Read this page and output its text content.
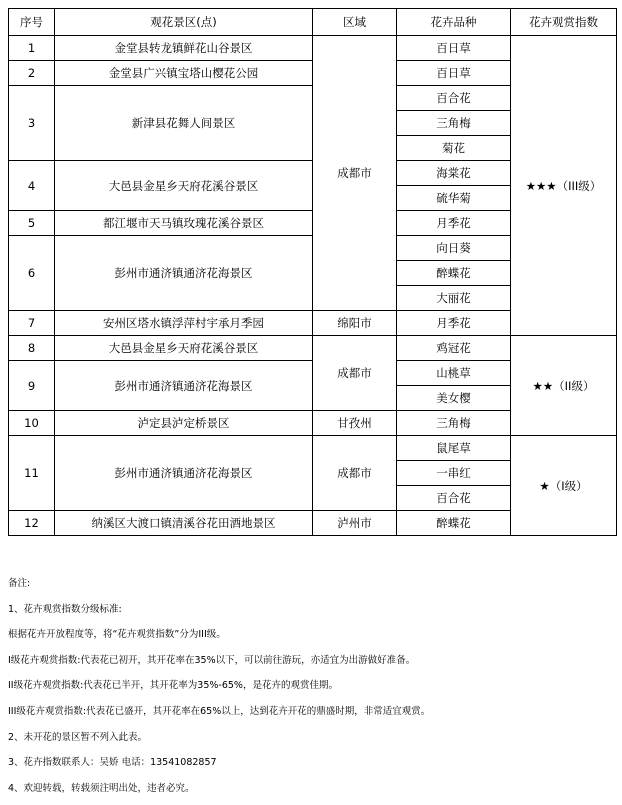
序号	观花景区(点)	区域	花卉品种	花卉观赏指数
1	金堂县转龙镇鲜花山谷景区	成都市	百日草	★★★（III级）
2	金堂县广兴镇宝塔山樱花公园		百日草	
3	新津县花舞人间景区		百合花	
			三角梅	
			菊花	
4	大邑县金星乡天府花溪谷景区		海棠花	
			硫华菊	
5	都江堰市天马镇玫瑰花溪谷景区		月季花	
6	彭州市通济镇通济花海景区		向日葵	
			醉蝶花	
			大丽花	
7	安州区塔水镇浮萍村宇承月季园	绵阳市	月季花	
8	大邑县金星乡天府花溪谷景区	成都市	鸡冠花	★★（II级）
9	彭州市通济镇通济花海景区		山桃草	
			美女樱	
10	泸定县泸定桥景区	甘孜州	三角梅	
11	彭州市通济镇通济花海景区	成都市	鼠尾草	★（I级）
			一串红	
			百合花	
12	纳溪区大渡口镇清溪谷花田酒地景区	泸州市	醉蝶花	
备注:
1、花卉观赏指数分级标准:
根据花卉开放程度等，将“花卉观赏指数”分为III级。
I级花卉观赏指数:代表花已初开，其开花率在35%以下，可以前往游玩，亦适宜为出游做好准备。
II级花卉观赏指数:代表花已半开，其开花率为35%-65%，是花卉的观赏佳期。
III级花卉观赏指数:代表花已盛开，其开花率在65%以上，达到花卉开花的鼎盛时期，非常适宜观赏。
2、未开花的景区暂不列入此表。
3、花卉指数联系人：吴娇 电话：13541082857
4、欢迎转载，转载须注明出处，违者必究。
